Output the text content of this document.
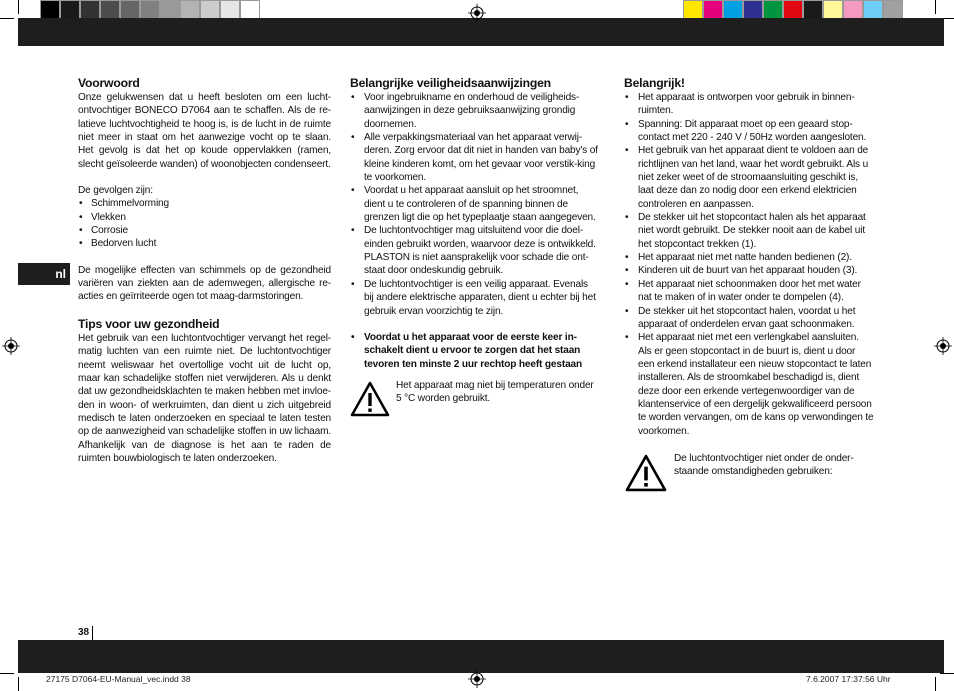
nl
Voorwoord

Onze gelukwensen dat u heeft besloten om een lucht-ontvochtiger BONECO D7064 aan te schaffen. Als de re-latieve luchtvochtigheid te hoog is, is de lucht in de ruimte niet meer in staat om het aanwezige vocht op te slaan. Het gevolg is dat het op koude oppervlakken (ramen, slecht geïsoleerde wanden) of woonobjecten condenseert.

De gevolgen zijn:

• Schimmelvorming
• Vlekken
• Corrosie
• Bedorven lucht

De mogelijke effecten van schimmels op de gezondheid variëren van ziekten aan de ademwegen, allergische re-acties en geïrriteerde ogen tot maag-darmstoringen.

Tips voor uw gezondheid

Het gebruik van een luchtontvochtiger vervangt het regel-matig luchten van een ruimte niet. De luchtontvochtiger neemt weliswaar het overtollige vocht uit de lucht op, maar kan schadelijke stoffen niet verwijderen. Als u denkt dat uw gezondheidsklachten te maken hebben met invloe-den in woon- of werkruimten, dan dient u zich uitgebreid medisch te laten onderzoeken en speciaal te laten testen op de aanwezigheid van schadelijke stoffen in uw lichaam. Afhankelijk van de diagnose is het aan te raden de ruimten bouwbiologisch te laten onderzoeken.

Belangrijke veiligheidsaanwijzingen
• Voor ingebruikname en onderhoud de veiligheids-aanwijzingen in deze gebruiksaanwijzing grondig doornemen.
• Alle verpakkingsmateriaal van het apparaat verwij-deren. Zorg ervoor dat dit niet in handen van baby's of kleine kinderen komt, om het gevaar voor verstik-king te voorkomen.
• Voordat u het apparaat aansluit op het stroomnet, dient u te controleren of de spanning binnen de grenzen ligt die op het typeplaatje staan aangegeven.
• De luchtontvochtiger mag uitsluitend voor die doel-einden gebruikt worden, waarvoor deze is ontwikkeld. PLASTON is niet aansprakelijk voor schade die ont-staat door ondeskundig gebruik.
• De luchtontvochtiger is een veilig apparaat. Evenals bij andere elektrische apparaten, dient u echter bij het gebruik ervan voorzichtig te zijn.
• Voordat u het apparaat voor de eerste keer in-schakelt dient u ervoor te zorgen dat het staan tevoren ten minste 2 uur rechtop heeft gestaan

Het apparaat mag niet bij temperaturen onder 5 °C worden gebruikt.

Belangrijk!
• Het apparaat is ontworpen voor gebruik in binnen-ruimten.
• Spanning: Dit apparaat moet op een geaard stop-contact met 220 - 240 V / 50Hz worden aangesloten.
• Het gebruik van het apparaat dient te voldoen aan de richtlijnen van het land, waar het wordt gebruikt. Als u niet zeker weet of de stroomaansluiting geschikt is, laat deze dan zo nodig door een erkend elektricien controleren en aanpassen.
• De stekker uit het stopcontact halen als het apparaat niet wordt gebruikt. De stekker nooit aan de kabel uit het stopcontact trekken (1).
• Het apparaat niet met natte handen bedienen (2).
• Kinderen uit de buurt van het apparaat houden (3).
• Het apparaat niet schoonmaken door het met water nat te maken of in water onder te dompelen (4).
• De stekker uit het stopcontact halen, voordat u het apparaat of onderdelen ervan gaat schoonmaken.
• Het apparaat niet met een verlengkabel aansluiten. Als er geen stopcontact in de buurt is, dient u door een erkend installateur een nieuw stopcontact te laten installeren. Als de stroomkabel beschadigd is, dient deze door een erkende vertegenwoordiger van de klantenservice of een dergelijk gekwalificeerd persoon te worden vervangen, om de kans op verwondingen te voorkomen.

De luchtontvochtiger niet onder de onder-staande omstandigheden gebruiken:

38
27175 D7064-EU-Manual_vec.indd 38	7.6.2007 17:37:56 Uhr
